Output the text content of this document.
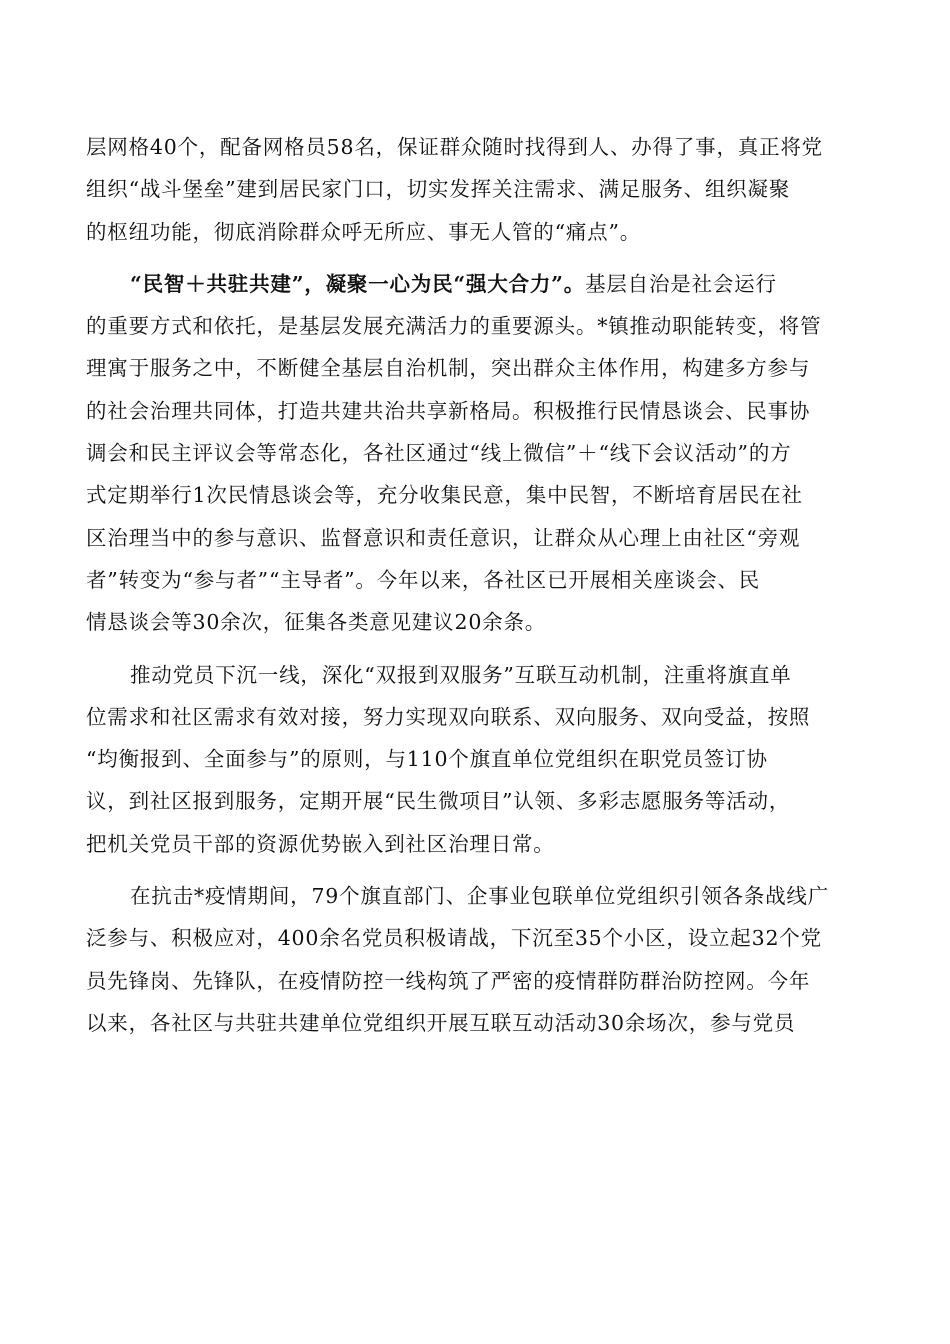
层网格40个，配备网格员58名，保证群众随时找得到人、办得了事，真正将党
组织“战斗堡垒”建到居民家门口，切实发挥关注需求、满足服务、组织凝聚
的枢纽功能，彻底消除群众呼无所应、事无人管的“痛点”。
“民智＋共驻共建”，凝聚一心为民“强大合力”。基层自治是社会运行
的重要方式和依托，是基层发展充满活力的重要源头。*镇推动职能转变，将管
理寓于服务之中，不断健全基层自治机制，突出群众主体作用，构建多方参与
的社会治理共同体，打造共建共治共享新格局。积极推行民情恳谈会、民事协
调会和民主评议会等常态化，各社区通过“线上微信”＋“线下会议活动”的方
式定期举行1次民情恳谈会等，充分收集民意，集中民智，不断培育居民在社
区治理当中的参与意识、监督意识和责任意识，让群众从心理上由社区“旁观
者”转变为“参与者”“主导者”。今年以来，各社区已开展相关座谈会、民
情恳谈会等30余次，征集各类意见建议20余条。
推动党员下沉一线，深化“双报到双服务”互联互动机制，注重将旗直单
位需求和社区需求有效对接，努力实现双向联系、双向服务、双向受益，按照
“均衡报到、全面参与”的原则，与110个旗直单位党组织在职党员签订协
议，到社区报到服务，定期开展“民生微项目”认领、多彩志愿服务等活动，
把机关党员干部的资源优势嵌入到社区治理日常。
在抗击*疫情期间，79个旗直部门、企事业包联单位党组织引领各条战线广
泛参与、积极应对，400余名党员积极请战，下沉至35个小区，设立起32个党
员先锋岗、先锋队，在疫情防控一线构筑了严密的疫情群防群治防控网。今年
以来，各社区与共驻共建单位党组织开展互联互动活动30余场次，参与党员
